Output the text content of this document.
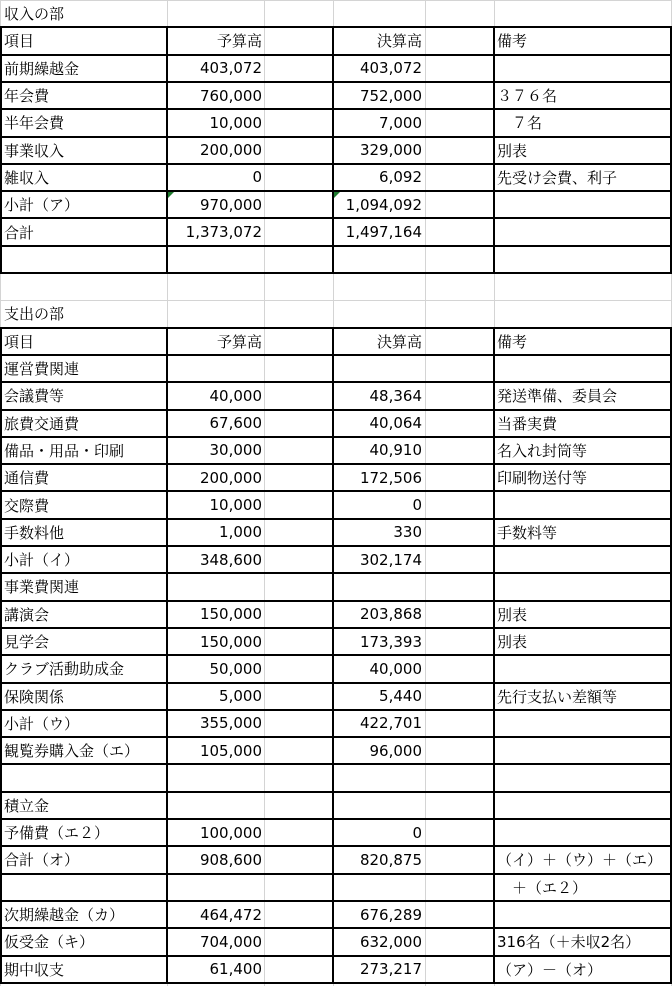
収入の部
項目	予算高	決算高	備考
前期繰越金	403,072	403,072
年会費	760,000	752,000	３７６名
半年会費	10,000	7,000	　７名
事業収入	200,000	329,000	別表
雑収入	0	6,092	先受け会費、利子
小計（ア）	970,000	1,094,092
合計	1,373,072	1,497,164
支出の部
項目	予算高	決算高	備考
運営費関連
会議費等	40,000	48,364	発送準備、委員会
旅費交通費	67,600	40,064	当番実費
備品・用品・印刷	30,000	40,910	名入れ封筒等
通信費	200,000	172,506	印刷物送付等
交際費	10,000	0
手数料他	1,000	330	手数料等
小計（イ）	348,600	302,174
事業費関連
講演会	150,000	203,868	別表
見学会	150,000	173,393	別表
クラブ活動助成金	50,000	40,000
保険関係	5,000	5,440	先行支払い差額等
小計（ウ）	355,000	422,701
観覧券購入金（エ）	105,000	96,000
積立金
予備費（エ２）	100,000	0
合計（オ）	908,600	820,875	（イ）＋（ウ）＋（エ）
　＋（エ２）
次期繰越金（カ）	464,472	676,289
仮受金（キ）	704,000	632,000	316名（＋未収2名）
期中収支	61,400	273,217	（ア）－（オ）
